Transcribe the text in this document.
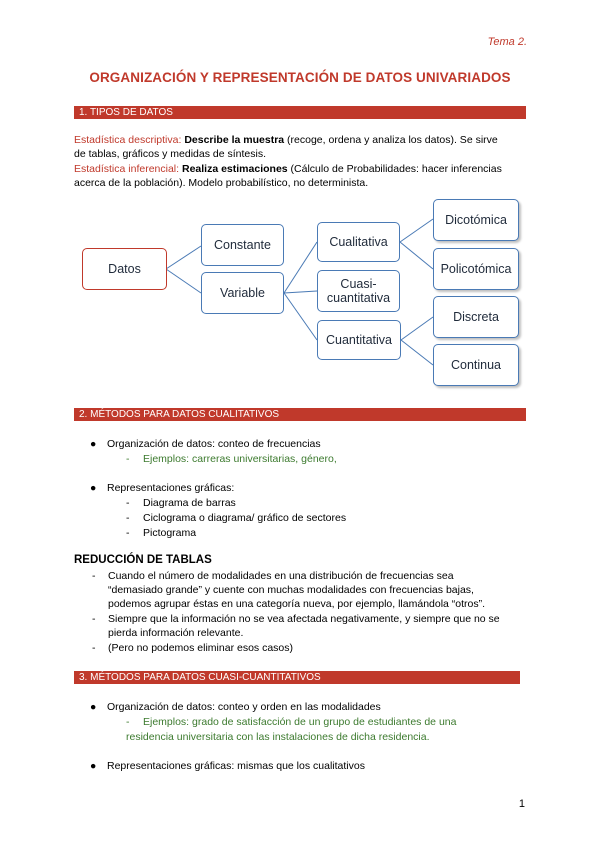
Tema 2.
ORGANIZACIÓN Y REPRESENTACIÓN DE DATOS UNIVARIADOS
1. TIPOS DE DATOS
Estadística descriptiva: Describe la muestra (recoge, ordena y analiza los datos). Se sirve
de tablas, gráficos y medidas de síntesis.
Estadística inferencial: Realiza estimaciones (Cálculo de Probabilidades: hacer inferencias
acerca de la población). Modelo probabilístico, no determinista.
Datos
Constante
Variable
Cualitativa
Cuasi-
cuantitativa
Cuantitativa
Dicotómica
Policotómica
Discreta
Continua
2. MÉTODOS PARA DATOS CUALITATIVOS
● Organización de datos: conteo de frecuencias
- Ejemplos: carreras universitarias, género,
● Representaciones gráficas:
- Diagrama de barras
- Ciclograma o diagrama/ gráfico de sectores
- Pictograma
REDUCCIÓN DE TABLAS
- Cuando el número de modalidades en una distribución de frecuencias sea
“demasiado grande” y cuente con muchas modalidades con frecuencias bajas,
podemos agrupar éstas en una categoría nueva, por ejemplo, llamándola “otros”.
- Siempre que la información no se vea afectada negativamente, y siempre que no se
pierda información relevante.
- (Pero no podemos eliminar esos casos)
3. MÉTODOS PARA DATOS CUASI-CUANTITATIVOS
● Organización de datos: conteo y orden en las modalidades
- Ejemplos: grado de satisfacción de un grupo de estudiantes de una
residencia universitaria con las instalaciones de dicha residencia.
● Representaciones gráficas: mismas que los cualitativos
1
